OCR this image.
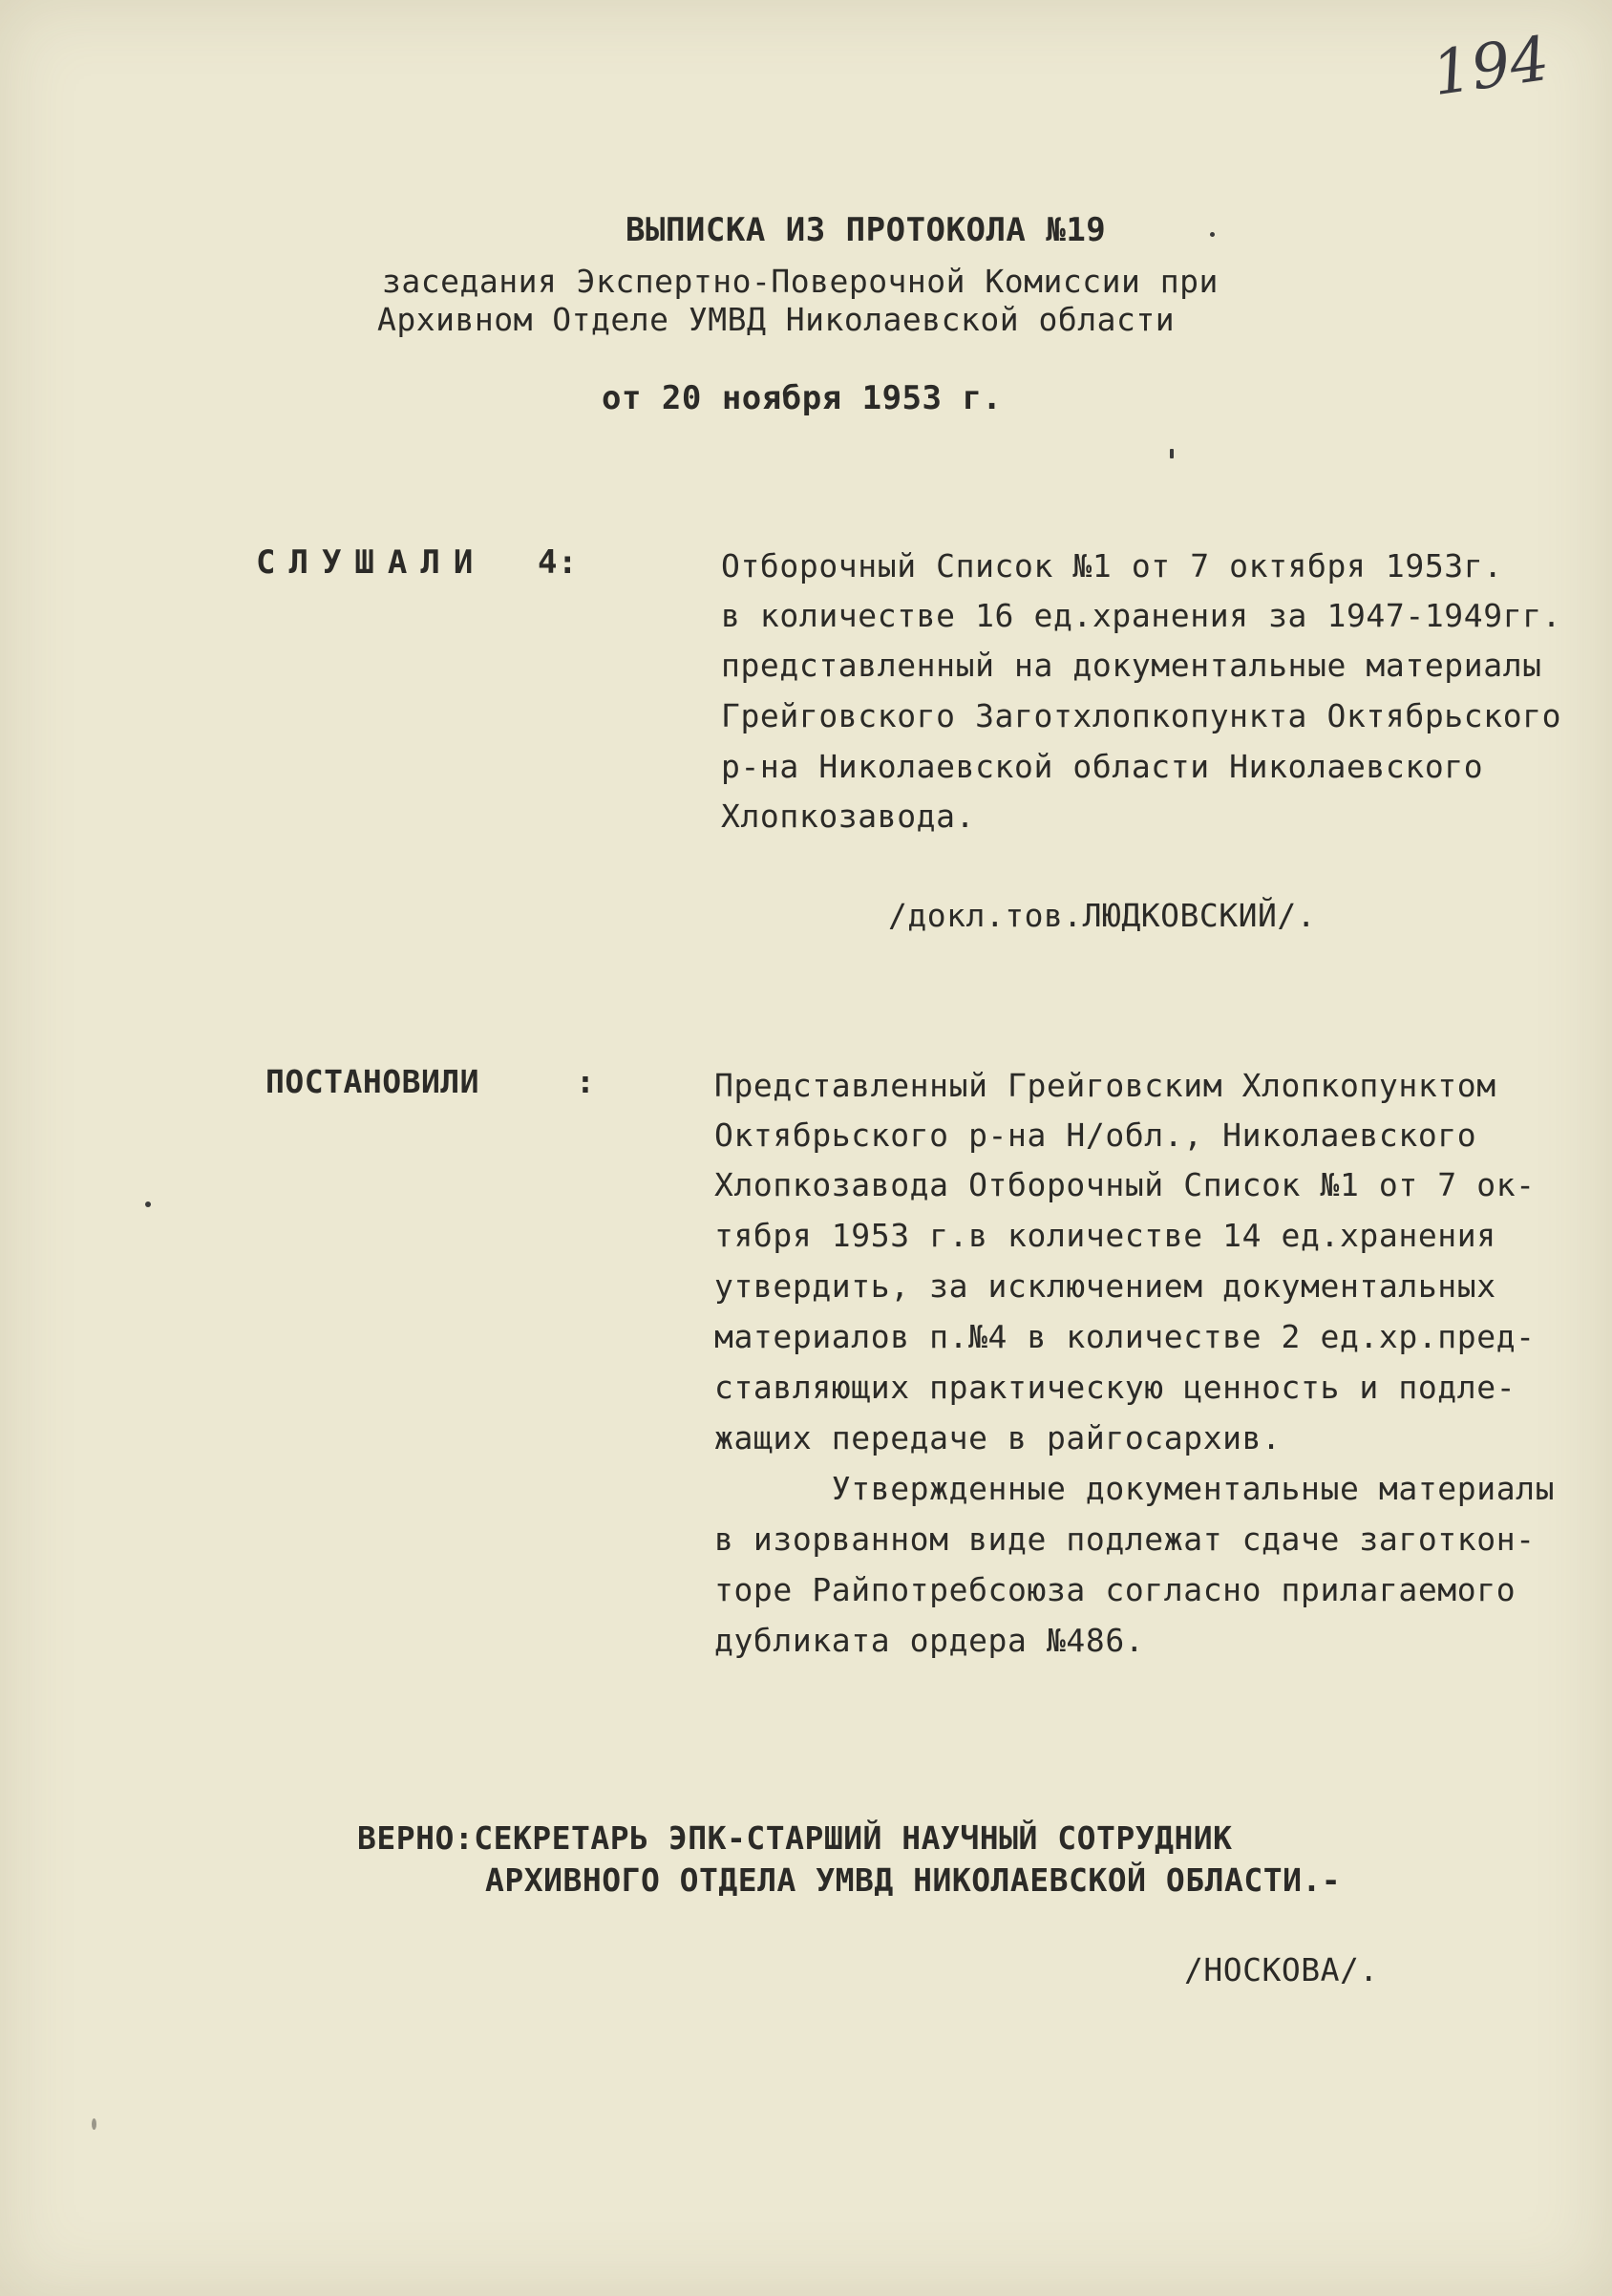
194
ВЫПИСКА ИЗ ПРОТОКОЛА №19
заседания Экспертно-Поверочной Комиссии при
Архивном Отделе УМВД Николаевской области
от 20 ноября 1953 г.
СЛУШАЛИ 4:	Отборочный Список №1 от 7 октября 1953г.
в количестве 16 ед.хранения за 1947-1949гг.
представленный на документальные материалы
Грейговского Заготхлопкопункта Октябрьского
р-на Николаевской области Николаевского
Хлопкозавода.
/докл.тов.ЛЮДКОВСКИЙ/.
ПОСТАНОВИЛИ	:	Представленный Грейговским Хлопкопунктом
Октябрьского р-на Н/обл., Николаевского
Хлопкозавода Отборочный Список №1 от 7 ок-
тября 1953 г.в количестве 14 ед.хранения
утвердить, за исключением документальных
материалов п.№4 в количестве 2 ед.хр.пред-
ставляющих практическую ценность и подле-
жащих передаче в райгосархив.
Утвержденные документальные материалы
в изорванном виде подлежат сдаче заготкон-
торе Райпотребсоюза согласно прилагаемого
дубликата ордера №486.
ВЕРНО:СЕКРЕТАРЬ ЭПК-СТАРШИЙ НАУЧНЫЙ СОТРУДНИК
АРХИВНОГО ОТДЕЛА УМВД НИКОЛАЕВСКОЙ ОБЛАСТИ.-
/НОСКОВА/.
